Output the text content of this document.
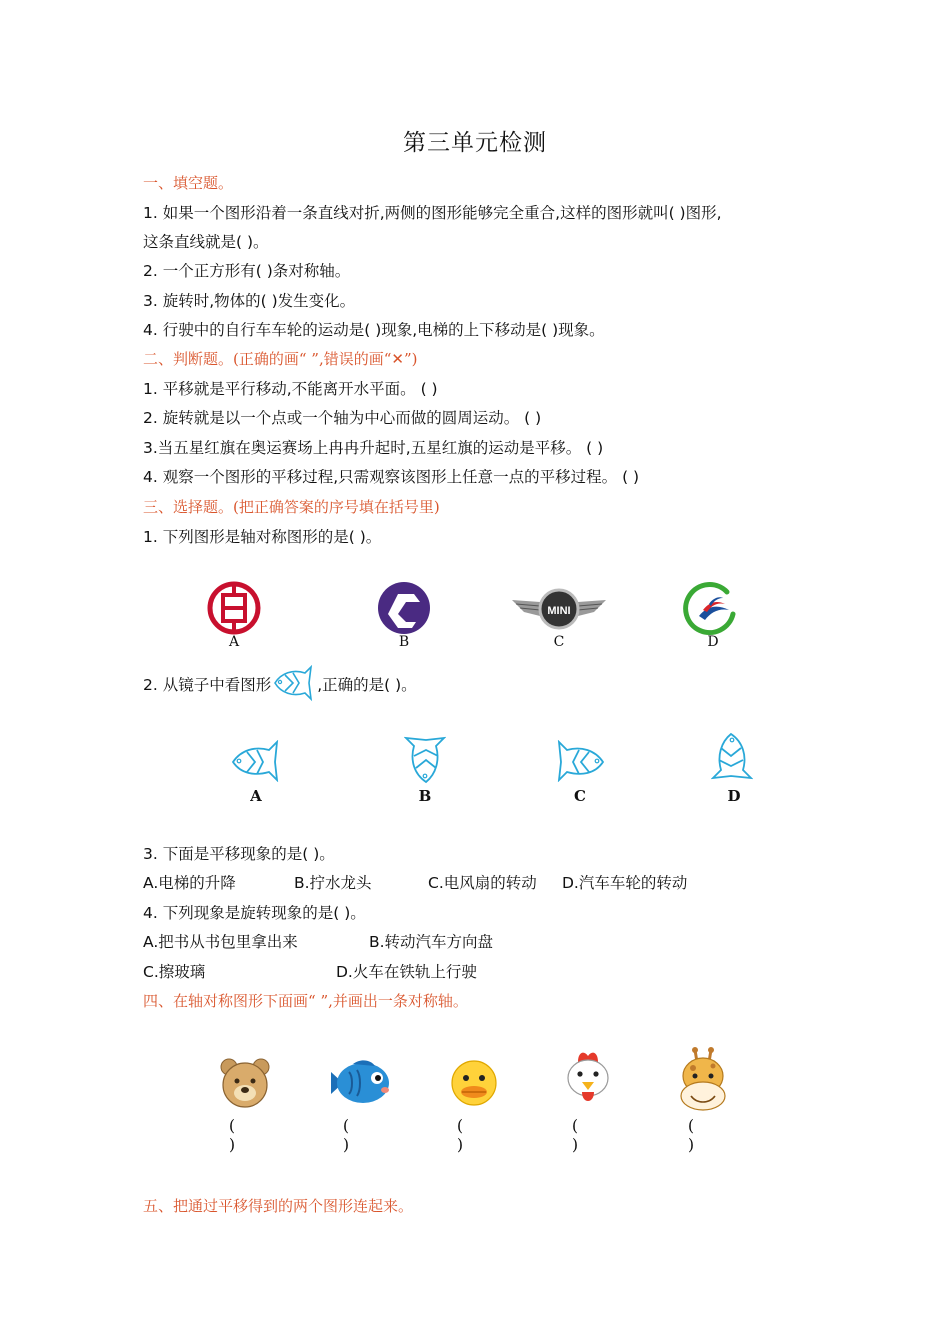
第三单元检测
一、填空题。
1. 如果一个图形沿着一条直线对折,两侧的图形能够完全重合,这样的图形就叫( )图形,
这条直线就是( )。
2. 一个正方形有( )条对称轴。
3. 旋转时,物体的( )发生变化。
4. 行驶中的自行车车轮的运动是( )现象,电梯的上下移动是( )现象。
二、判断题。(正确的画“ ”,错误的画“✕”)
1. 平移就是平行移动,不能离开水平面。 ( )
2. 旋转就是以一个点或一个轴为中心而做的圆周运动。 ( )
3.当五星红旗在奥运赛场上冉冉升起时,五星红旗的运动是平移。 ( )
4. 观察一个图形的平移过程,只需观察该图形上任意一点的平移过程。 ( )
三、选择题。(把正确答案的序号填在括号里)
1. 下列图形是轴对称图形的是( )。
A	B
MINI
C	D
2. 从镜子中看图形	,正确的是( )。
A	B	C	D
3. 下面是平移现象的是( )。
A.电梯的升降	B.拧水龙头	C.电风扇的转动 D.汽车车轮的转动
4. 下列现象是旋转现象的是( )。
A.把书从书包里拿出来	B.转动汽车方向盘
C.擦玻璃	D.火车在铁轨上行驶
四、在轴对称图形下面画“ ”,并画出一条对称轴。
( )
( )
( )
( )
( )
五、把通过平移得到的两个图形连起来。
